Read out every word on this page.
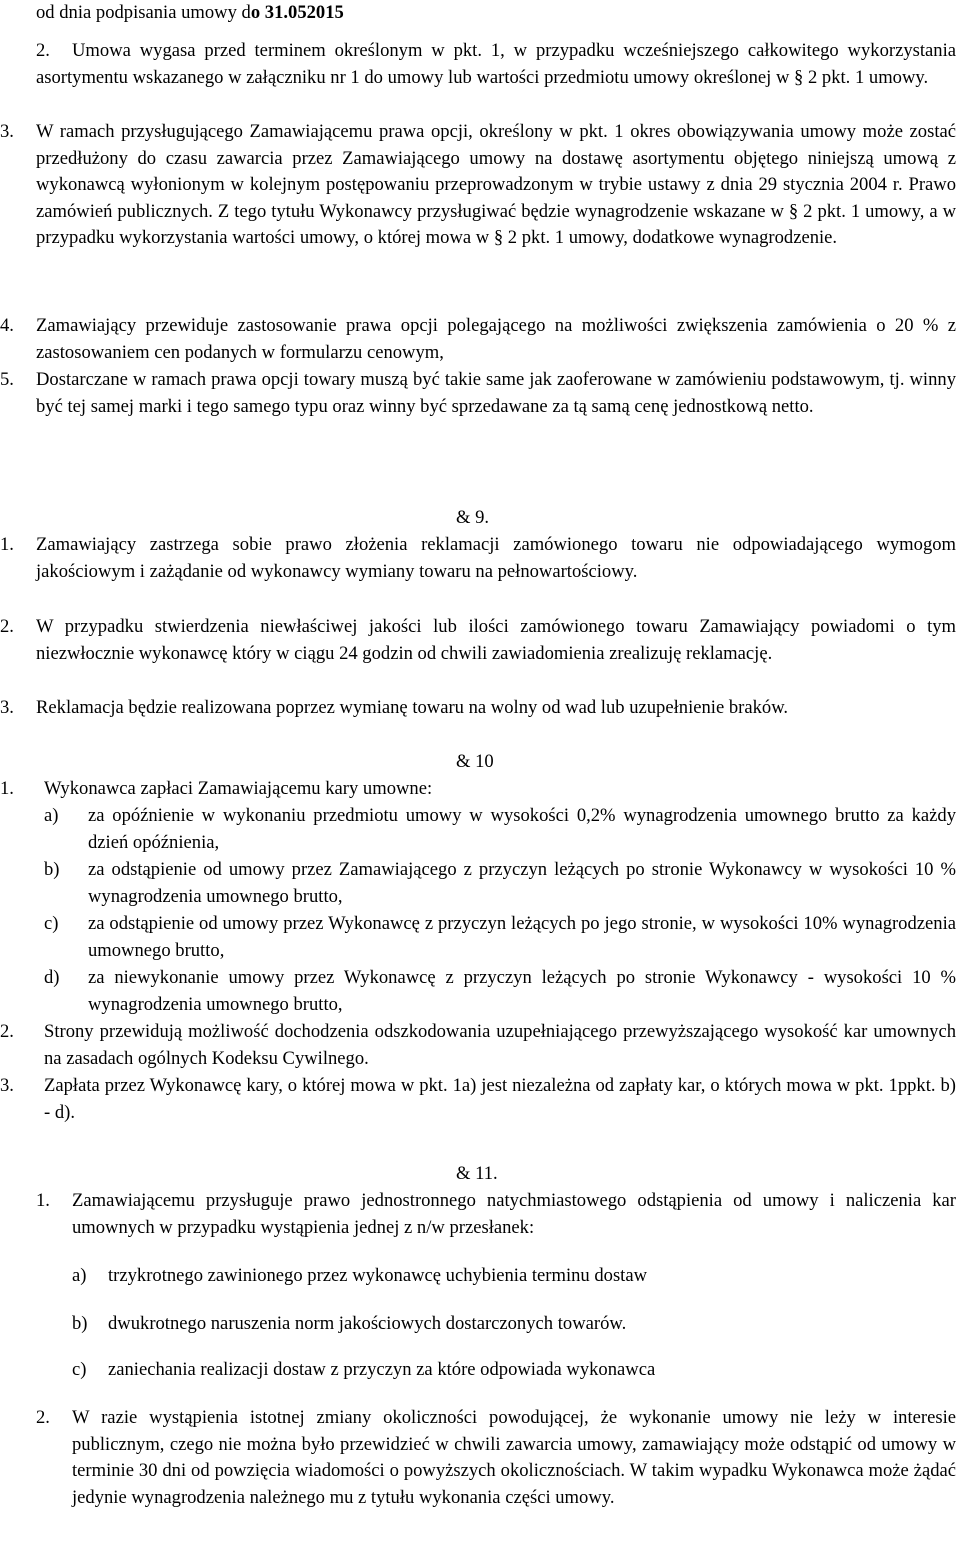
od dnia podpisania umowy do 31.052015
2. Umowa wygasa przed terminem określonym w pkt. 1, w przypadku wcześniejszego całkowitego wykorzystania asortymentu wskazanego w załączniku nr 1 do umowy lub wartości przedmiotu umowy określonej w § 2 pkt. 1 umowy.
3.	W ramach przysługującego Zamawiającemu prawa opcji, określony w pkt. 1 okres obowiązywania umowy może zostać przedłużony do czasu zawarcia przez Zamawiającego umowy na dostawę asortymentu objętego niniejszą umową z wykonawcą wyłonionym w kolejnym postępowaniu przeprowadzonym w trybie ustawy z dnia 29 stycznia 2004 r. Prawo zamówień publicznych. Z tego tytułu Wykonawcy przysługiwać będzie wynagrodzenie wskazane w § 2 pkt. 1 umowy, a w przypadku wykorzystania wartości umowy, o której mowa w § 2 pkt. 1 umowy, dodatkowe wynagrodzenie.
4.	Zamawiający przewiduje zastosowanie prawa opcji polegającego na możliwości zwiększenia zamówienia o 20 % z zastosowaniem cen podanych w formularzu cenowym,
5.	Dostarczane w ramach prawa opcji towary muszą być takie same jak zaoferowane w zamówieniu podstawowym, tj. winny być tej samej marki i tego samego typu oraz winny być sprzedawane za tą samą cenę jednostkową netto.
& 9.
1.	Zamawiający zastrzega sobie prawo złożenia reklamacji zamówionego towaru nie odpowiadającego wymogom jakościowym i zażądanie od wykonawcy wymiany towaru na pełnowartościowy.
2.	W przypadku stwierdzenia niewłaściwej jakości lub ilości zamówionego towaru Zamawiający powiadomi o tym niezwłocznie wykonawcę który w ciągu 24 godzin od chwili zawiadomienia zrealizuję reklamację.
3.	Reklamacja będzie realizowana poprzez wymianę towaru na wolny od wad lub uzupełnienie braków.
& 10
1.	Wykonawca zapłaci Zamawiającemu kary umowne:
a)	za opóźnienie w wykonaniu przedmiotu umowy w wysokości 0,2% wynagrodzenia umownego brutto za każdy dzień opóźnienia,
b)	za odstąpienie od umowy przez Zamawiającego z przyczyn leżących po stronie Wykonawcy w wysokości 10 % wynagrodzenia umownego brutto,
c)	za odstąpienie od umowy przez Wykonawcę z przyczyn leżących po jego stronie, w wysokości 10% wynagrodzenia umownego brutto,
d)	za niewykonanie umowy przez Wykonawcę z przyczyn leżących po stronie Wykonawcy - wysokości 10 % wynagrodzenia umownego brutto,
2.	Strony przewidują możliwość dochodzenia odszkodowania uzupełniającego przewyższającego wysokość kar umownych na zasadach ogólnych Kodeksu Cywilnego.
3.	Zapłata przez Wykonawcę kary, o której mowa w pkt. 1a) jest niezależna od zapłaty kar, o których mowa w pkt. 1ppkt. b) - d).
& 11.
1.	Zamawiającemu przysługuje prawo jednostronnego natychmiastowego odstąpienia od umowy i naliczenia kar umownych w przypadku wystąpienia jednej z n/w przesłanek:
a)	trzykrotnego zawinionego przez wykonawcę uchybienia terminu dostaw
b)	dwukrotnego naruszenia norm jakościowych dostarczonych towarów.
c)	zaniechania realizacji dostaw z przyczyn za które odpowiada wykonawca
2.	W razie wystąpienia istotnej zmiany okoliczności powodującej, że wykonanie umowy nie leży w interesie publicznym, czego nie można było przewidzieć w chwili zawarcia umowy, zamawiający może odstąpić od umowy w terminie 30 dni od powzięcia wiadomości o powyższych okolicznościach. W takim wypadku Wykonawca może żądać jedynie wynagrodzenia należnego mu z tytułu wykonania części umowy.
